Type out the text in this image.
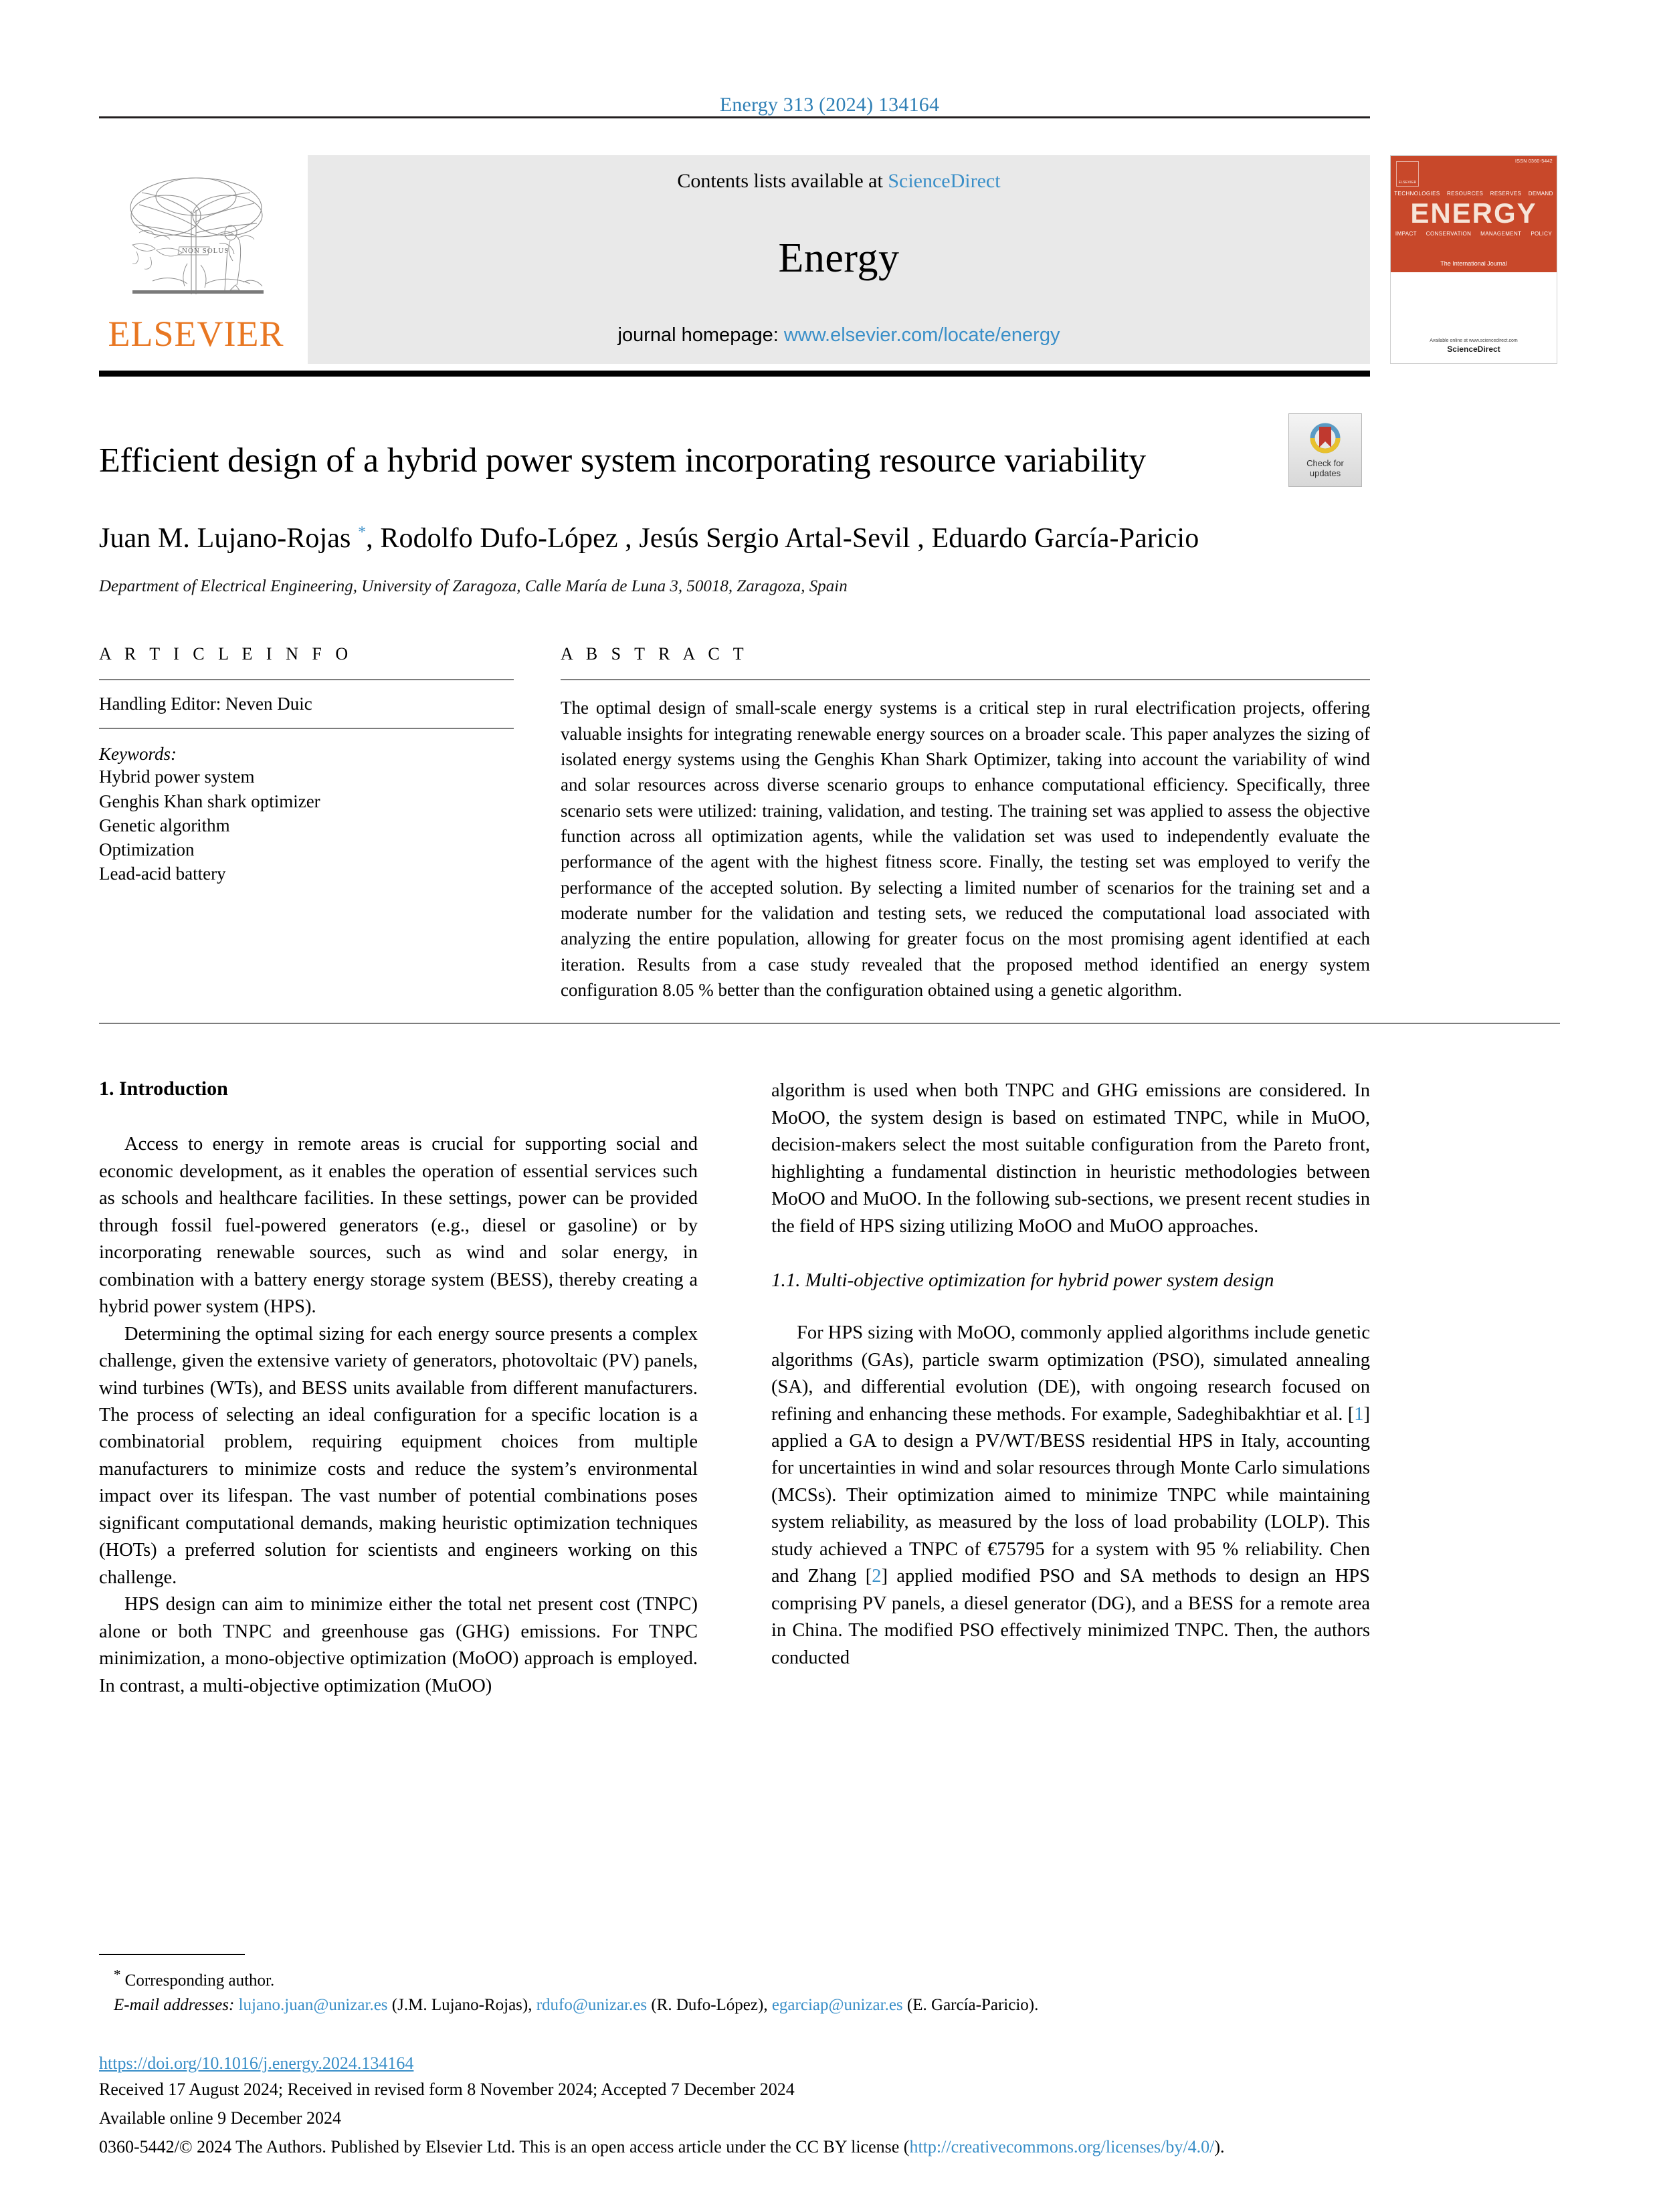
Energy 313 (2024) 134164
NON SOLUS
ELSEVIER
Contents lists available at ScienceDirect
Energy
journal homepage: www.elsevier.com/locate/energy
ISSN 0360-5442
ELSEVIER
TECHNOLOGIES RESOURCES RESERVES DEMAND
ENERGY
IMPACT CONSERVATION MANAGEMENT POLICY
The International Journal
Available online at www.sciencedirect.com
ScienceDirect
Check for
updates
Efficient design of a hybrid power system incorporating resource variability
Juan M. Lujano-Rojas *, Rodolfo Dufo-López , Jesús Sergio Artal-Sevil , Eduardo García-Paricio
Department of Electrical Engineering, University of Zaragoza, Calle María de Luna 3, 50018, Zaragoza, Spain
A R T I C L E I N F O
Handling Editor: Neven Duic
Keywords:
Hybrid power system
Genghis Khan shark optimizer
Genetic algorithm
Optimization
Lead-acid battery
A B S T R A C T
The optimal design of small-scale energy systems is a critical step in rural electrification projects, offering valuable insights for integrating renewable energy sources on a broader scale. This paper analyzes the sizing of isolated energy systems using the Genghis Khan Shark Optimizer, taking into account the variability of wind and solar resources across diverse scenario groups to enhance computational efficiency. Specifically, three scenario sets were utilized: training, validation, and testing. The training set was applied to assess the objective function across all optimization agents, while the validation set was used to independently evaluate the performance of the agent with the highest fitness score. Finally, the testing set was employed to verify the performance of the accepted solution. By selecting a limited number of scenarios for the training set and a moderate number for the validation and testing sets, we reduced the computational load associated with analyzing the entire population, allowing for greater focus on the most promising agent identified at each iteration. Results from a case study revealed that the proposed method identified an energy system configuration 8.05 % better than the configuration obtained using a genetic algorithm.
1. Introduction

Access to energy in remote areas is crucial for supporting social and economic development, as it enables the operation of essential services such as schools and healthcare facilities. In these settings, power can be provided through fossil fuel-powered generators (e.g., diesel or gasoline) or by incorporating renewable sources, such as wind and solar energy, in combination with a battery energy storage system (BESS), thereby creating a hybrid power system (HPS).

Determining the optimal sizing for each energy source presents a complex challenge, given the extensive variety of generators, photovoltaic (PV) panels, wind turbines (WTs), and BESS units available from different manufacturers. The process of selecting an ideal configuration for a specific location is a combinatorial problem, requiring equipment choices from multiple manufacturers to minimize costs and reduce the system’s environmental impact over its lifespan. The vast number of potential combinations poses significant computational demands, making heuristic optimization techniques (HOTs) a preferred solution for scientists and engineers working on this challenge.

HPS design can aim to minimize either the total net present cost (TNPC) alone or both TNPC and greenhouse gas (GHG) emissions. For TNPC minimization, a mono-objective optimization (MoOO) approach is employed. In contrast, a multi-objective optimization (MuOO)

algorithm is used when both TNPC and GHG emissions are considered. In MoOO, the system design is based on estimated TNPC, while in MuOO, decision-makers select the most suitable configuration from the Pareto front, highlighting a fundamental distinction in heuristic methodologies between MoOO and MuOO. In the following sub-sections, we present recent studies in the field of HPS sizing utilizing MoOO and MuOO approaches.

1.1. Multi-objective optimization for hybrid power system design

For HPS sizing with MoOO, commonly applied algorithms include genetic algorithms (GAs), particle swarm optimization (PSO), simulated annealing (SA), and differential evolution (DE), with ongoing research focused on refining and enhancing these methods. For example, Sadeghibakhtiar et al. [1] applied a GA to design a PV/WT/BESS residential HPS in Italy, accounting for uncertainties in wind and solar resources through Monte Carlo simulations (MCSs). Their optimization aimed to minimize TNPC while maintaining system reliability, as measured by the loss of load probability (LOLP). This study achieved a TNPC of €75795 for a system with 95 % reliability. Chen and Zhang [2] applied modified PSO and SA methods to design an HPS comprising PV panels, a diesel generator (DG), and a BESS for a remote area in China. The modified PSO effectively minimized TNPC. Then, the authors conducted

* Corresponding author.
E-mail addresses: lujano.juan@unizar.es (J.M. Lujano-Rojas), rdufo@unizar.es (R. Dufo-López), egarciap@unizar.es (E. García-Paricio).
https://doi.org/10.1016/j.energy.2024.134164
Received 17 August 2024; Received in revised form 8 November 2024; Accepted 7 December 2024
Available online 9 December 2024
0360-5442/© 2024 The Authors. Published by Elsevier Ltd. This is an open access article under the CC BY license (http://creativecommons.org/licenses/by/4.0/).
